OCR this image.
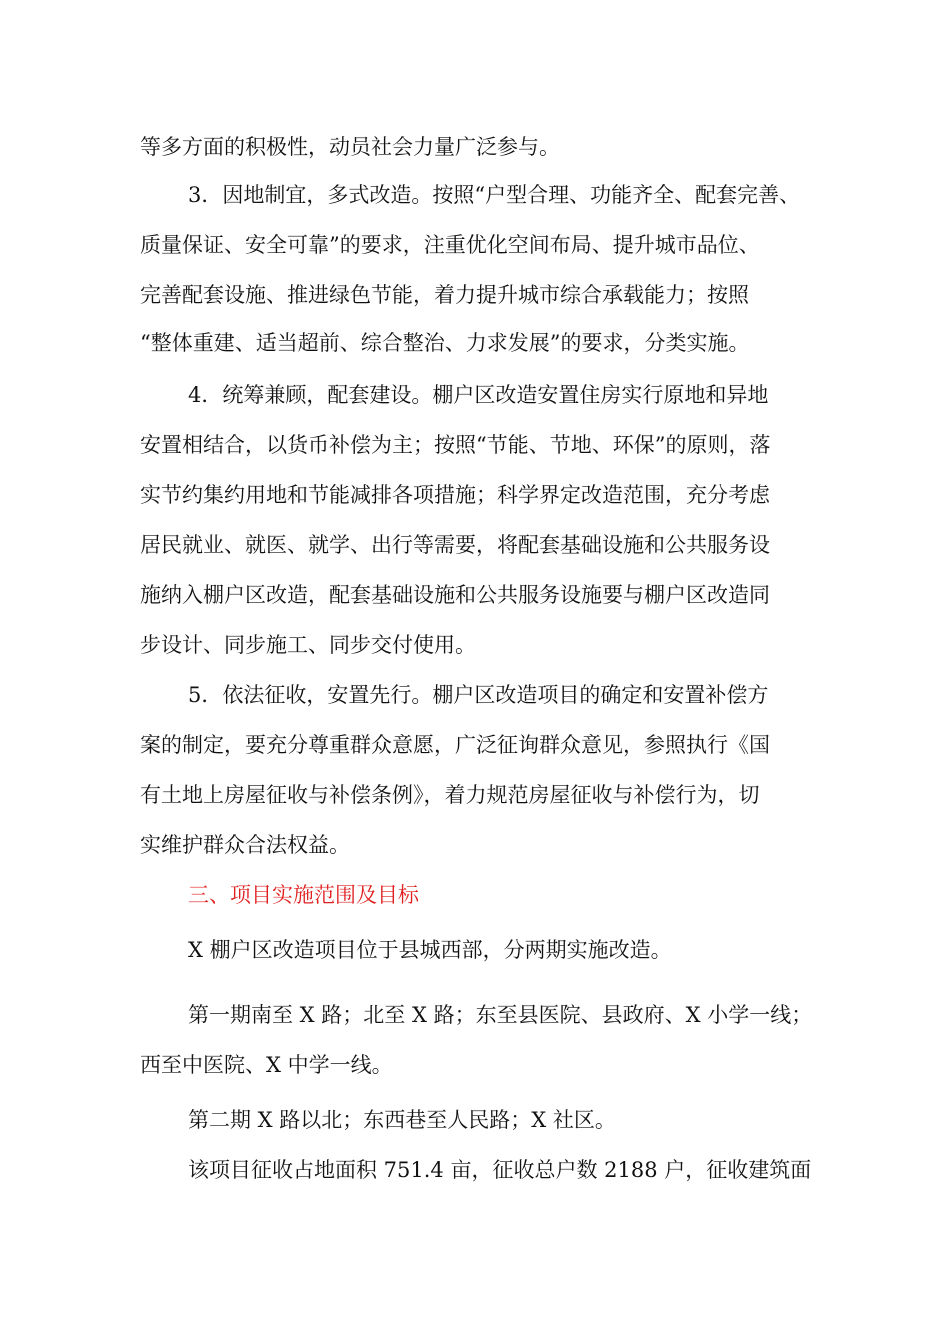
等多方面的积极性，动员社会力量广泛参与。
3．因地制宜，多式改造。按照“户型合理、功能齐全、配套完善、
质量保证、安全可靠”的要求，注重优化空间布局、提升城市品位、
完善配套设施、推进绿色节能，着力提升城市综合承载能力；按照
“整体重建、适当超前、综合整治、力求发展”的要求，分类实施。
4．统筹兼顾，配套建设。棚户区改造安置住房实行原地和异地
安置相结合，以货币补偿为主；按照“节能、节地、环保”的原则，落
实节约集约用地和节能减排各项措施；科学界定改造范围，充分考虑
居民就业、就医、就学、出行等需要，将配套基础设施和公共服务设
施纳入棚户区改造，配套基础设施和公共服务设施要与棚户区改造同
步设计、同步施工、同步交付使用。
5．依法征收，安置先行。棚户区改造项目的确定和安置补偿方
案的制定，要充分尊重群众意愿，广泛征询群众意见，参照执行《国
有土地上房屋征收与补偿条例》，着力规范房屋征收与补偿行为，切
实维护群众合法权益。
三、项目实施范围及目标
X 棚户区改造项目位于县城西部，分两期实施改造。
第一期南至 X 路；北至 X 路；东至县医院、县政府、X 小学一线；
西至中医院、X 中学一线。
第二期 X 路以北；东西巷至人民路；X 社区。
该项目征收占地面积 751.4 亩，征收总户数 2188 户，征收建筑面
